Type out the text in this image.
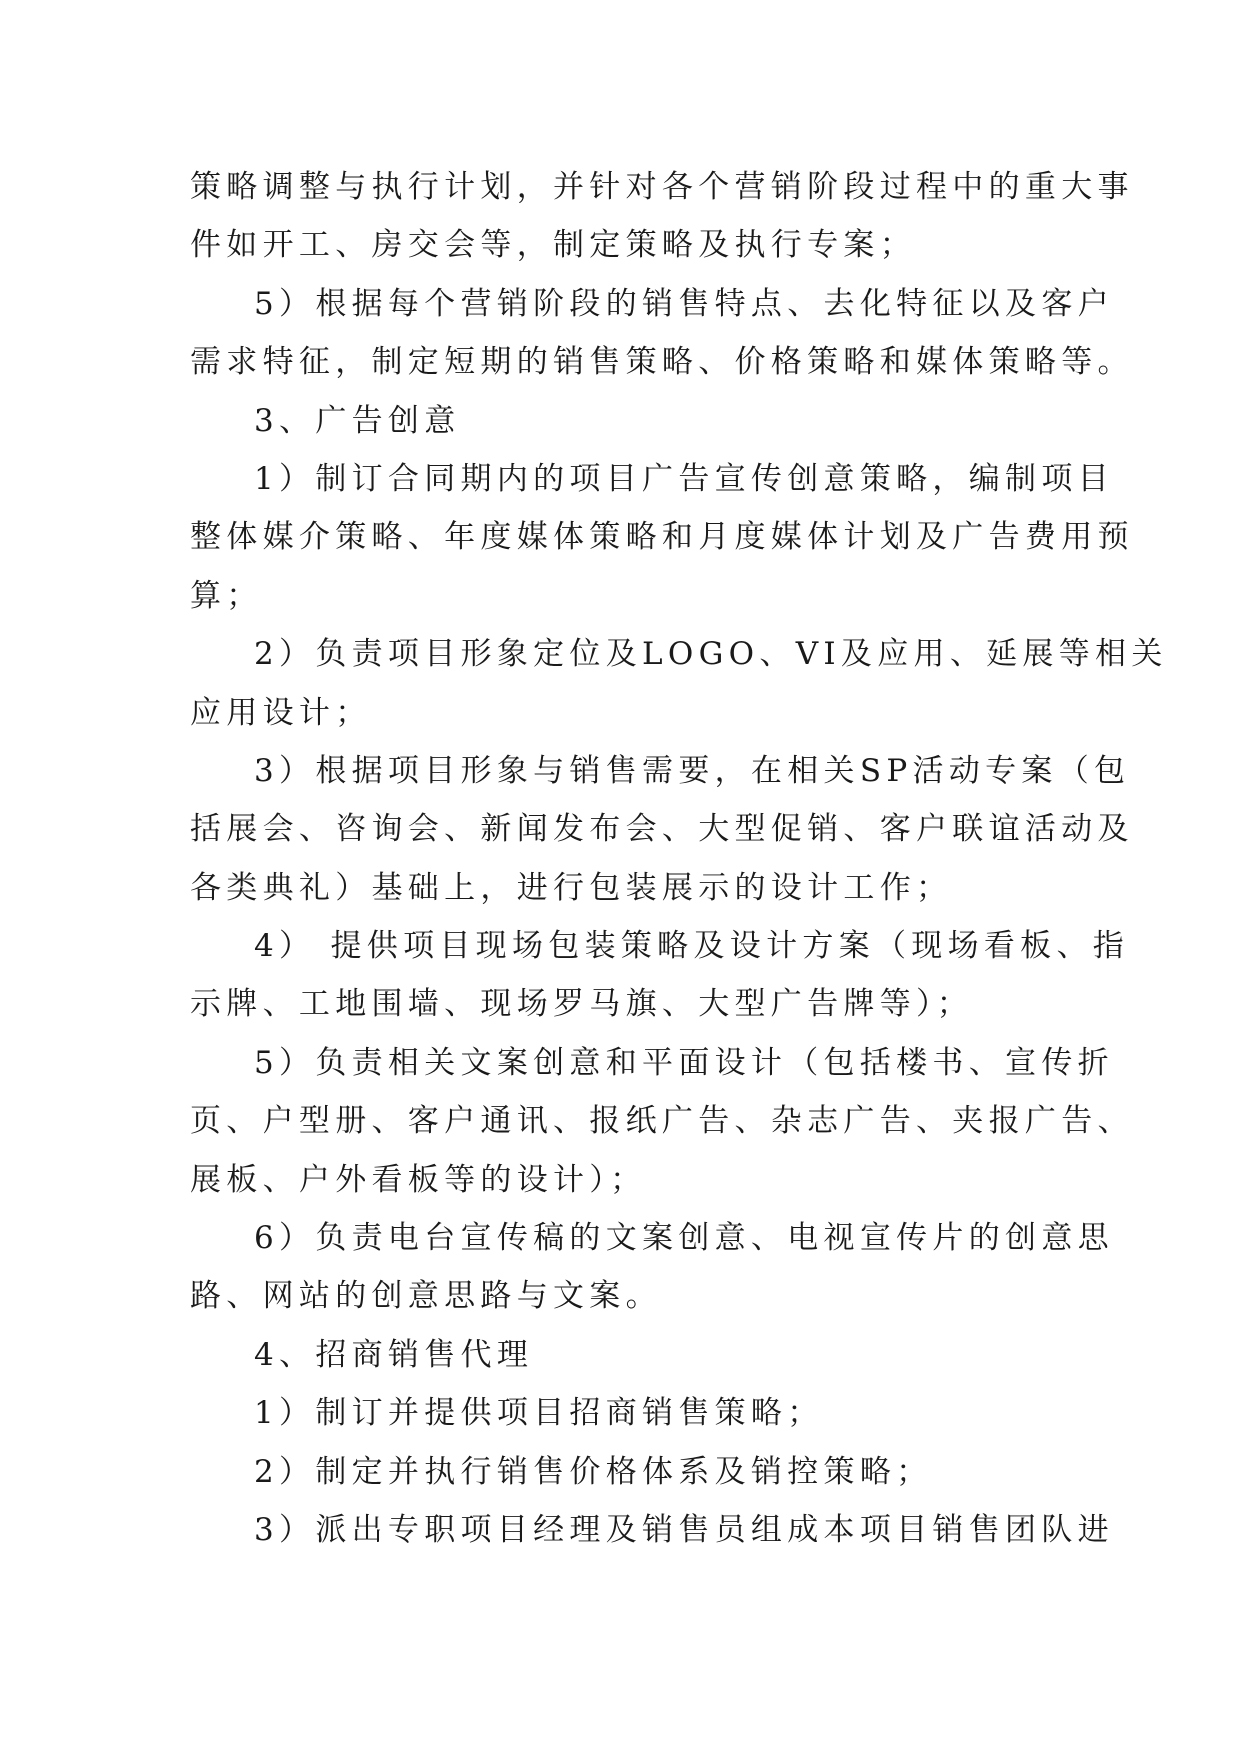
策略调整与执行计划，并针对各个营销阶段过程中的重大事
件如开工、房交会等，制定策略及执行专案；
5）根据每个营销阶段的销售特点、去化特征以及客户
需求特征，制定短期的销售策略、价格策略和媒体策略等。
3、广告创意
1）制订合同期内的项目广告宣传创意策略，编制项目
整体媒介策略、年度媒体策略和月度媒体计划及广告费用预
算；
2）负责项目形象定位及LOGO、VI及应用、延展等相关
应用设计；
3）根据项目形象与销售需要，在相关SP活动专案（包
括展会、咨询会、新闻发布会、大型促销、客户联谊活动及
各类典礼）基础上，进行包装展示的设计工作；
4） 提供项目现场包装策略及设计方案（现场看板、指
示牌、工地围墙、现场罗马旗、大型广告牌等）；
5）负责相关文案创意和平面设计（包括楼书、宣传折
页、户型册、客户通讯、报纸广告、杂志广告、夹报广告、
展板、户外看板等的设计）；
6）负责电台宣传稿的文案创意、电视宣传片的创意思
路、网站的创意思路与文案。
4、招商销售代理
1）制订并提供项目招商销售策略；
2）制定并执行销售价格体系及销控策略；
3）派出专职项目经理及销售员组成本项目销售团队进
